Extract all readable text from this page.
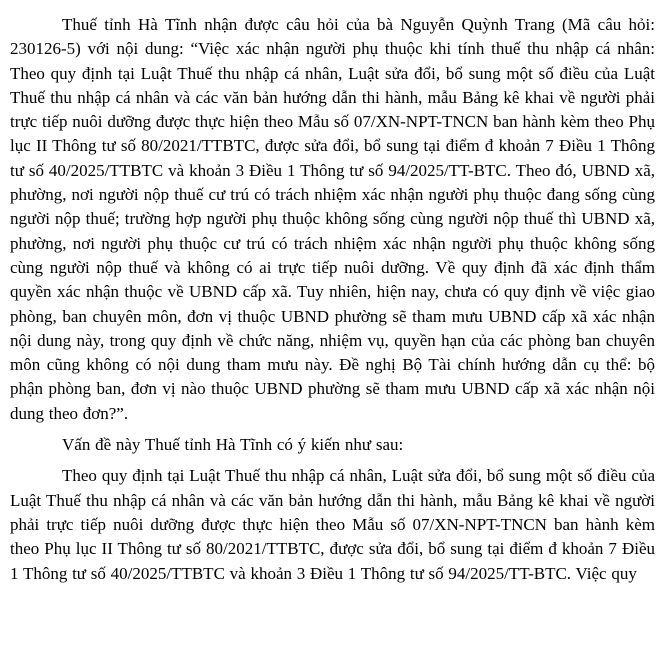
Thuế tỉnh Hà Tĩnh nhận được câu hỏi của bà Nguyễn Quỳnh Trang (Mã câu hỏi: 230126-5) với nội dung: “Việc xác nhận người phụ thuộc khi tính thuế thu nhập cá nhân: Theo quy định tại Luật Thuế thu nhập cá nhân, Luật sửa đổi, bổ sung một số điều của Luật Thuế thu nhập cá nhân và các văn bản hướng dẫn thi hành, mẫu Bảng kê khai về người phải trực tiếp nuôi dưỡng được thực hiện theo Mẫu số 07/XN-NPT-TNCN ban hành kèm theo Phụ lục II Thông tư số 80/2021/TTBTC, được sửa đổi, bổ sung tại điểm đ khoản 7 Điều 1 Thông tư số 40/2025/TTBTC và khoản 3 Điều 1 Thông tư số 94/2025/TT-BTC. Theo đó, UBND xã, phường, nơi người nộp thuế cư trú có trách nhiệm xác nhận người phụ thuộc đang sống cùng người nộp thuế; trường hợp người phụ thuộc không sống cùng người nộp thuế thì UBND xã, phường, nơi người phụ thuộc cư trú có trách nhiệm xác nhận người phụ thuộc không sống cùng người nộp thuế và không có ai trực tiếp nuôi dưỡng. Về quy định đã xác định thẩm quyền xác nhận thuộc về UBND cấp xã. Tuy nhiên, hiện nay, chưa có quy định về việc giao phòng, ban chuyên môn, đơn vị thuộc UBND phường sẽ tham mưu UBND cấp xã xác nhận nội dung này, trong quy định về chức năng, nhiệm vụ, quyền hạn của các phòng ban chuyên môn cũng không có nội dung tham mưu này. Đề nghị Bộ Tài chính hướng dẫn cụ thể: bộ phận phòng ban, đơn vị nào thuộc UBND phường sẽ tham mưu UBND cấp xã xác nhận nội dung theo đơn?”.

Vấn đề này Thuế tỉnh Hà Tĩnh có ý kiến như sau:

Theo quy định tại Luật Thuế thu nhập cá nhân, Luật sửa đổi, bổ sung một số điều của Luật Thuế thu nhập cá nhân và các văn bản hướng dẫn thi hành, mẫu Bảng kê khai về người phải trực tiếp nuôi dưỡng được thực hiện theo Mẫu số 07/XN-NPT-TNCN ban hành kèm theo Phụ lục II Thông tư số 80/2021/TTBTC, được sửa đổi, bổ sung tại điểm đ khoản 7 Điều 1 Thông tư số 40/2025/TTBTC và khoản 3 Điều 1 Thông tư số 94/2025/TT-BTC. Việc quy
